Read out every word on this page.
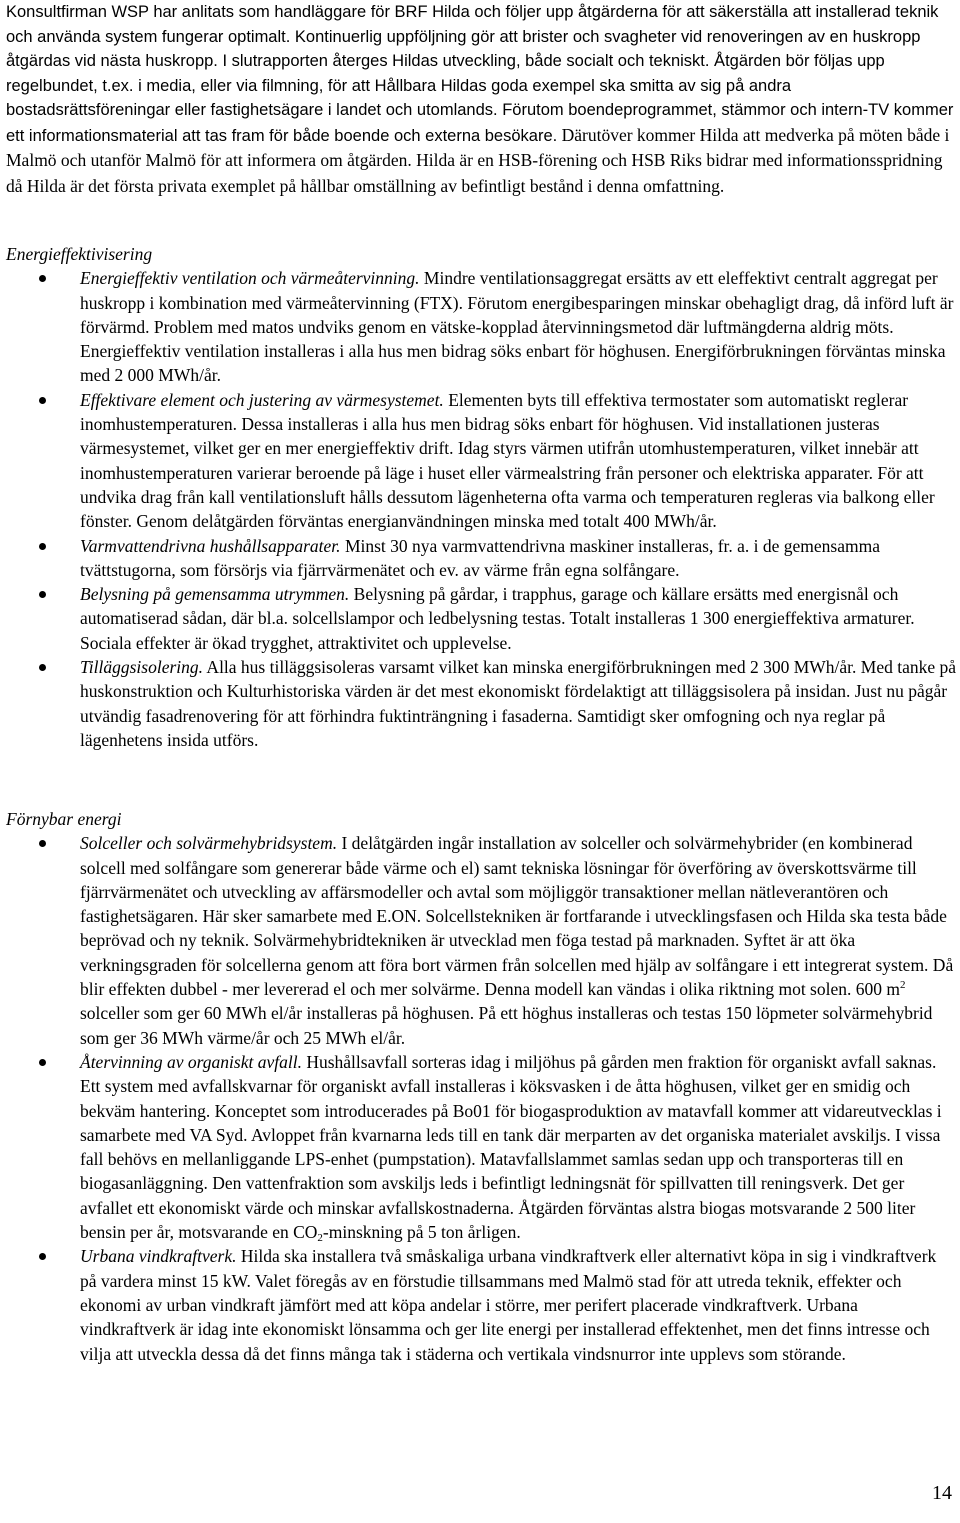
Konsultfirman WSP har anlitats som handläggare för BRF Hilda och följer upp åtgärderna för att säkerställa att installerad teknik och använda system fungerar optimalt. Kontinuerlig uppföljning gör att brister och svagheter vid renoveringen av en huskropp åtgärdas vid nästa huskropp. I slutrapporten återges Hildas utveckling, både socialt och tekniskt. Åtgärden bör följas upp regelbundet, t.ex. i media, eller via filmning, för att Hållbara Hildas goda exempel ska smitta av sig på andra bostadsrättsföreningar eller fastighetsägare i landet och utomlands. Förutom boendeprogrammet, stämmor och intern-TV kommer ett informationsmaterial att tas fram för både boende och externa besökare. Därutöver kommer Hilda att medverka på möten både i Malmö och utanför Malmö för att informera om åtgärden. Hilda är en HSB-förening och HSB Riks bidrar med informationsspridning då Hilda är det första privata exemplet på hållbar omställning av befintligt bestånd i denna omfattning.
Energieffektivisering
Energieffektiv ventilation och värmeåtervinning. Mindre ventilationsaggregat ersätts av ett eleffektivt centralt aggregat per huskropp i kombination med värmeåtervinning (FTX). Förutom energibesparingen minskar obehagligt drag, då införd luft är förvärmd. Problem med matos undviks genom en vätske-kopplad återvinningsmetod där luftmängderna aldrig möts. Energieffektiv ventilation installeras i alla hus men bidrag söks enbart för höghusen. Energiförbrukningen förväntas minska med 2 000 MWh/år.
Effektivare element och justering av värmesystemet. Elementen byts till effektiva termostater som automatiskt reglerar inomhustemperaturen. Dessa installeras i alla hus men bidrag söks enbart för höghusen. Vid installationen justeras värmesystemet, vilket ger en mer energieffektiv drift. Idag styrs värmen utifrån utomhustemperaturen, vilket innebär att inomhustemperaturen varierar beroende på läge i huset eller värmealstring från personer och elektriska apparater. För att undvika drag från kall ventilationsluft hålls dessutom lägenheterna ofta varma och temperaturen regleras via balkong eller fönster. Genom delåtgärden förväntas energianvändningen minska med totalt 400 MWh/år.
Varmvattendrivna hushållsapparater. Minst 30 nya varmvattendrivna maskiner installeras, fr. a. i de gemensamma tvättstugorna, som försörjs via fjärrvärmenätet och ev. av värme från egna solfångare.
Belysning på gemensamma utrymmen. Belysning på gårdar, i trapphus, garage och källare ersätts med energisnål och automatiserad sådan, där bl.a. solcellslampor och ledbelysning testas. Totalt installeras 1 300 energieffektiva armaturer. Sociala effekter är ökad trygghet, attraktivitet och upplevelse.
Tilläggsisolering. Alla hus tilläggsisoleras varsamt vilket kan minska energiförbrukningen med 2 300 MWh/år. Med tanke på huskonstruktion och Kulturhistoriska värden är det mest ekonomiskt fördelaktigt att tilläggsisolera på insidan. Just nu pågår utvändig fasadrenovering för att förhindra fuktinträngning i fasaderna. Samtidigt sker omfogning och nya reglar på lägenhetens insida utförs.
Förnybar energi
Solceller och solvärmehybridsystem. I delåtgärden ingår installation av solceller och solvärmehybrider (en kombinerad solcell med solfångare som genererar både värme och el) samt tekniska lösningar för överföring av överskottsvärme till fjärrvärmenätet och utveckling av affärsmodeller och avtal som möjliggör transaktioner mellan nätleverantören och fastighetsägaren. Här sker samarbete med E.ON. Solcellstekniken är fortfarande i utvecklingsfasen och Hilda ska testa både beprövad och ny teknik. Solvärmehybridtekniken är utvecklad men föga testad på marknaden. Syftet är att öka verkningsgraden för solcellerna genom att föra bort värmen från solcellen med hjälp av solfångare i ett integrerat system. Då blir effekten dubbel - mer levererad el och mer solvärme. Denna modell kan vändas i olika riktning mot solen. 600 $m^2$ solceller som ger 60 MWh el/år installeras på höghusen. På ett höghus installeras och testas 150 löpmeter solvärmehybrid som ger 36 MWh värme/år och 25 MWh el/år.
Återvinning av organiskt avfall. Hushållsavfall sorteras idag i miljöhus på gården men fraktion för organiskt avfall saknas. Ett system med avfallskvarnar för organiskt avfall installeras i köksvasken i de åtta höghusen, vilket ger en smidig och bekväm hantering. Konceptet som introducerades på Bo01 för biogasproduktion av matavfall kommer att vidareutvecklas i samarbete med VA Syd. Avloppet från kvarnarna leds till en tank där merparten av det organiska materialet avskiljs. I vissa fall behövs en mellanliggande LPS-enhet (pumpstation). Matavfallslammet samlas sedan upp och transporteras till en biogasanläggning. Den vattenfraktion som avskiljs leds i befintligt ledningsnät för spillvatten till reningsverk. Det ger avfallet ett ekonomiskt värde och minskar avfallskostnaderna. Åtgärden förväntas alstra biogas motsvarande 2 500 liter bensin per år, motsvarande en $CO_2$-minskning på 5 ton årligen.
Urbana vindkraftverk. Hilda ska installera två småskaliga urbana vindkraftverk eller alternativt köpa in sig i vindkraftverk på vardera minst 15 kW. Valet föregås av en förstudie tillsammans med Malmö stad för att utreda teknik, effekter och ekonomi av urban vindkraft jämfört med att köpa andelar i större, mer perifert placerade vindkraftverk. Urbana vindkraftverk är idag inte ekonomiskt lönsamma och ger lite energi per installerad effektenhet, men det finns intresse och vilja att utveckla dessa då det finns många tak i städerna och vertikala vindsnurror inte upplevs som störande.
14
